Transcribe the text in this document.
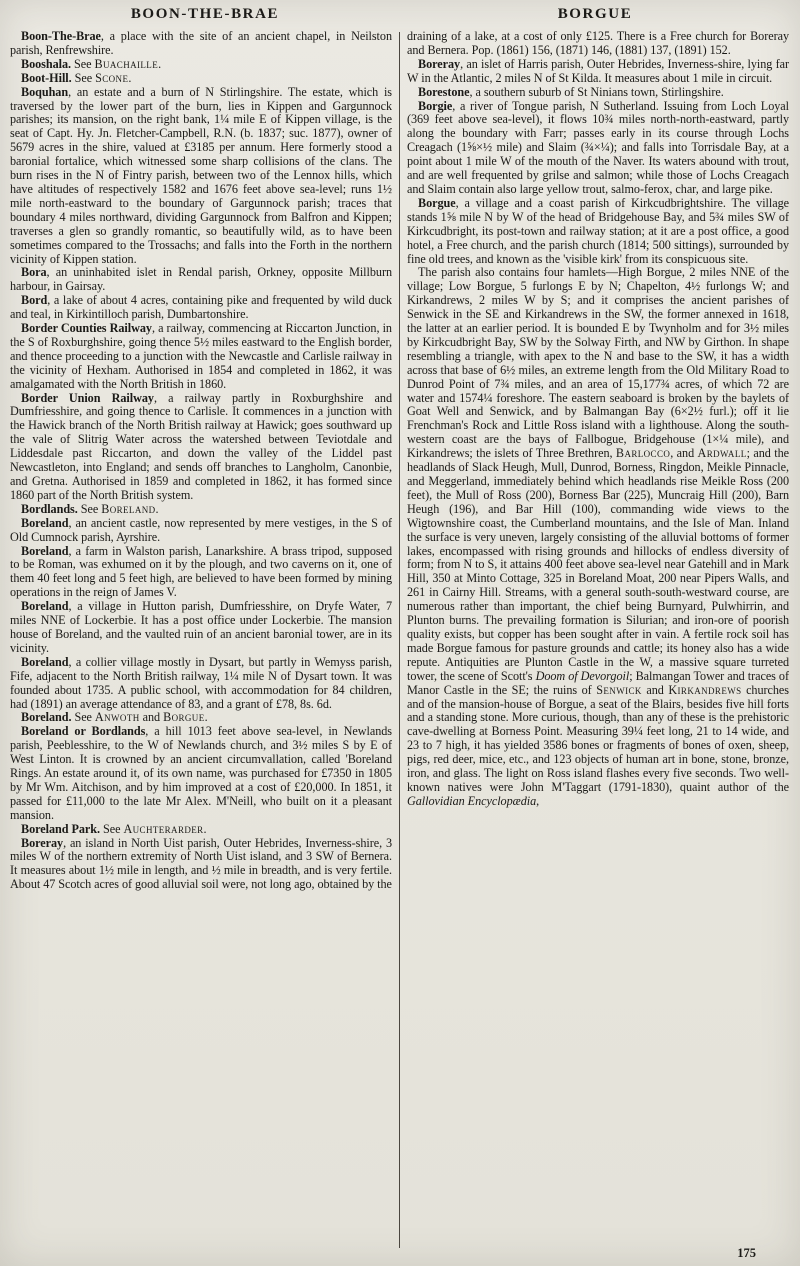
BOON-THE-BRAE	BORGUE

Boon-The-Brae, a place with the site of an ancient chapel, in Neilston parish, Renfrewshire.

Booshala. See Buachaille.

Boot-Hill. See Scone.

Boquhan, an estate and a burn of N Stirlingshire. The estate, which is traversed by the lower part of the burn, lies in Kippen and Gargunnock parishes; its mansion, on the right bank, 1¼ mile E of Kippen village, is the seat of Capt. Hy. Jn. Fletcher-Campbell, R.N. (b. 1837; suc. 1877), owner of 5679 acres in the shire, valued at £3185 per annum. Here formerly stood a baronial fortalice, which witnessed some sharp collisions of the clans. The burn rises in the N of Fintry parish, between two of the Lennox hills, which have altitudes of respectively 1582 and 1676 feet above sea-level; runs 1½ mile north-eastward to the boundary of Gargunnock parish; traces that boundary 4 miles northward, dividing Gargunnock from Balfron and Kippen; traverses a glen so grandly romantic, so beautifully wild, as to have been sometimes compared to the Trossachs; and falls into the Forth in the northern vicinity of Kippen station.

Bora, an uninhabited islet in Rendal parish, Orkney, opposite Millburn harbour, in Gairsay.

Bord, a lake of about 4 acres, containing pike and frequented by wild duck and teal, in Kirkintilloch parish, Dumbartonshire.

Border Counties Railway, a railway, commencing at Riccarton Junction, in the S of Roxburghshire, going thence 5½ miles eastward to the English border, and thence proceeding to a junction with the Newcastle and Carlisle railway in the vicinity of Hexham. Authorised in 1854 and completed in 1862, it was amalgamated with the North British in 1860.

Border Union Railway, a railway partly in Roxburghshire and Dumfriesshire, and going thence to Carlisle. It commences in a junction with the Hawick branch of the North British railway at Hawick; goes southward up the vale of Slitrig Water across the watershed between Teviotdale and Liddesdale past Riccarton, and down the valley of the Liddel past Newcastleton, into England; and sends off branches to Langholm, Canonbie, and Gretna. Authorised in 1859 and completed in 1862, it has formed since 1860 part of the North British system.

Bordlands. See Boreland.

Boreland, an ancient castle, now represented by mere vestiges, in the S of Old Cumnock parish, Ayrshire.

Boreland, a farm in Walston parish, Lanarkshire. A brass tripod, supposed to be Roman, was exhumed on it by the plough, and two caverns on it, one of them 40 feet long and 5 feet high, are believed to have been formed by mining operations in the reign of James V.

Boreland, a village in Hutton parish, Dumfriesshire, on Dryfe Water, 7 miles NNE of Lockerbie. It has a post office under Lockerbie. The mansion house of Boreland, and the vaulted ruin of an ancient baronial tower, are in its vicinity.

Boreland, a collier village mostly in Dysart, but partly in Wemyss parish, Fife, adjacent to the North British railway, 1¼ mile N of Dysart town. It was founded about 1735. A public school, with accommodation for 84 children, had (1891) an average attendance of 83, and a grant of £78, 8s. 6d.

Boreland. See Anwoth and Borgue.

Boreland or Bordlands, a hill 1013 feet above sea-level, in Newlands parish, Peeblesshire, to the W of Newlands church, and 3½ miles S by E of West Linton. It is crowned by an ancient circumvallation, called 'Boreland Rings. An estate around it, of its own name, was purchased for £7350 in 1805 by Mr Wm. Aitchison, and by him improved at a cost of £20,000. In 1851, it passed for £11,000 to the late Mr Alex. M'Neill, who built on it a pleasant mansion.

Boreland Park. See Auchterarder.

Boreray, an island in North Uist parish, Outer Hebrides, Inverness-shire, 3 miles W of the northern extremity of North Uist island, and 3 SW of Bernera. It measures about 1½ mile in length, and ½ mile in breadth, and is very fertile. About 47 Scotch acres of good alluvial soil were, not long ago, obtained by the

draining of a lake, at a cost of only £125. There is a Free church for Boreray and Bernera. Pop. (1861) 156, (1871) 146, (1881) 137, (1891) 152.

Boreray, an islet of Harris parish, Outer Hebrides, Inverness-shire, lying far W in the Atlantic, 2 miles N of St Kilda. It measures about 1 mile in circuit.

Borestone, a southern suburb of St Ninians town, Stirlingshire.

Borgie, a river of Tongue parish, N Sutherland. Issuing from Loch Loyal (369 feet above sea-level), it flows 10¾ miles north-north-eastward, partly along the boundary with Farr; passes early in its course through Lochs Creagach (1⅝×½ mile) and Slaim (¾×¼); and falls into Torrisdale Bay, at a point about 1 mile W of the mouth of the Naver. Its waters abound with trout, and are well frequented by grilse and salmon; while those of Lochs Creagach and Slaim contain also large yellow trout, salmo-ferox, char, and large pike.

Borgue, a village and a coast parish of Kirkcudbrightshire. The village stands 1⅝ mile N by W of the head of Bridgehouse Bay, and 5¾ miles SW of Kirkcudbright, its post-town and railway station; at it are a post office, a good hotel, a Free church, and the parish church (1814; 500 sittings), surrounded by fine old trees, and known as the 'visible kirk' from its conspicuous site.

The parish also contains four hamlets—High Borgue, 2 miles NNE of the village; Low Borgue, 5 furlongs E by N; Chapelton, 4½ furlongs W; and Kirkandrews, 2 miles W by S; and it comprises the ancient parishes of Senwick in the SE and Kirkandrews in the SW, the former annexed in 1618, the latter at an earlier period. It is bounded E by Twynholm and for 3½ miles by Kirkcudbright Bay, SW by the Solway Firth, and NW by Girthon. In shape resembling a triangle, with apex to the N and base to the SW, it has a width across that base of 6½ miles, an extreme length from the Old Military Road to Dunrod Point of 7¾ miles, and an area of 15,177¾ acres, of which 72 are water and 1574¼ foreshore. The eastern seaboard is broken by the baylets of Goat Well and Senwick, and by Balmangan Bay (6×2½ furl.); off it lie Frenchman's Rock and Little Ross island with a lighthouse. Along the south-western coast are the bays of Fallbogue, Bridgehouse (1×¼ mile), and Kirkandrews; the islets of Three Brethren, Barlocco, and Ardwall; and the headlands of Slack Heugh, Mull, Dunrod, Borness, Ringdon, Meikle Pinnacle, and Meggerland, immediately behind which headlands rise Meikle Ross (200 feet), the Mull of Ross (200), Borness Bar (225), Muncraig Hill (200), Barn Heugh (196), and Bar Hill (100), commanding wide views to the Wigtownshire coast, the Cumberland mountains, and the Isle of Man. Inland the surface is very uneven, largely consisting of the alluvial bottoms of former lakes, encompassed with rising grounds and hillocks of endless diversity of form; from N to S, it attains 400 feet above sea-level near Gatehill and in Mark Hill, 350 at Minto Cottage, 325 in Boreland Moat, 200 near Pipers Walls, and 261 in Cairny Hill. Streams, with a general south-south-westward course, are numerous rather than important, the chief being Burnyard, Pulwhirrin, and Plunton burns. The prevailing formation is Silurian; and iron-ore of poorish quality exists, but copper has been sought after in vain. A fertile rock soil has made Borgue famous for pasture grounds and cattle; its honey also has a wide repute. Antiquities are Plunton Castle in the W, a massive square turreted tower, the scene of Scott's Doom of Devorgoil; Balmangan Tower and traces of Manor Castle in the SE; the ruins of Senwick and Kirkandrews churches and of the mansion-house of Borgue, a seat of the Blairs, besides five hill forts and a standing stone. More curious, though, than any of these is the prehistoric cave-dwelling at Borness Point. Measuring 39¼ feet long, 21 to 14 wide, and 23 to 7 high, it has yielded 3586 bones or fragments of bones of oxen, sheep, pigs, red deer, mice, etc., and 123 objects of human art in bone, stone, bronze, iron, and glass. The light on Ross island flashes every five seconds. Two well-known natives were John M'Taggart (1791-1830), quaint author of the Gallovidian Encyclopædia,

175
